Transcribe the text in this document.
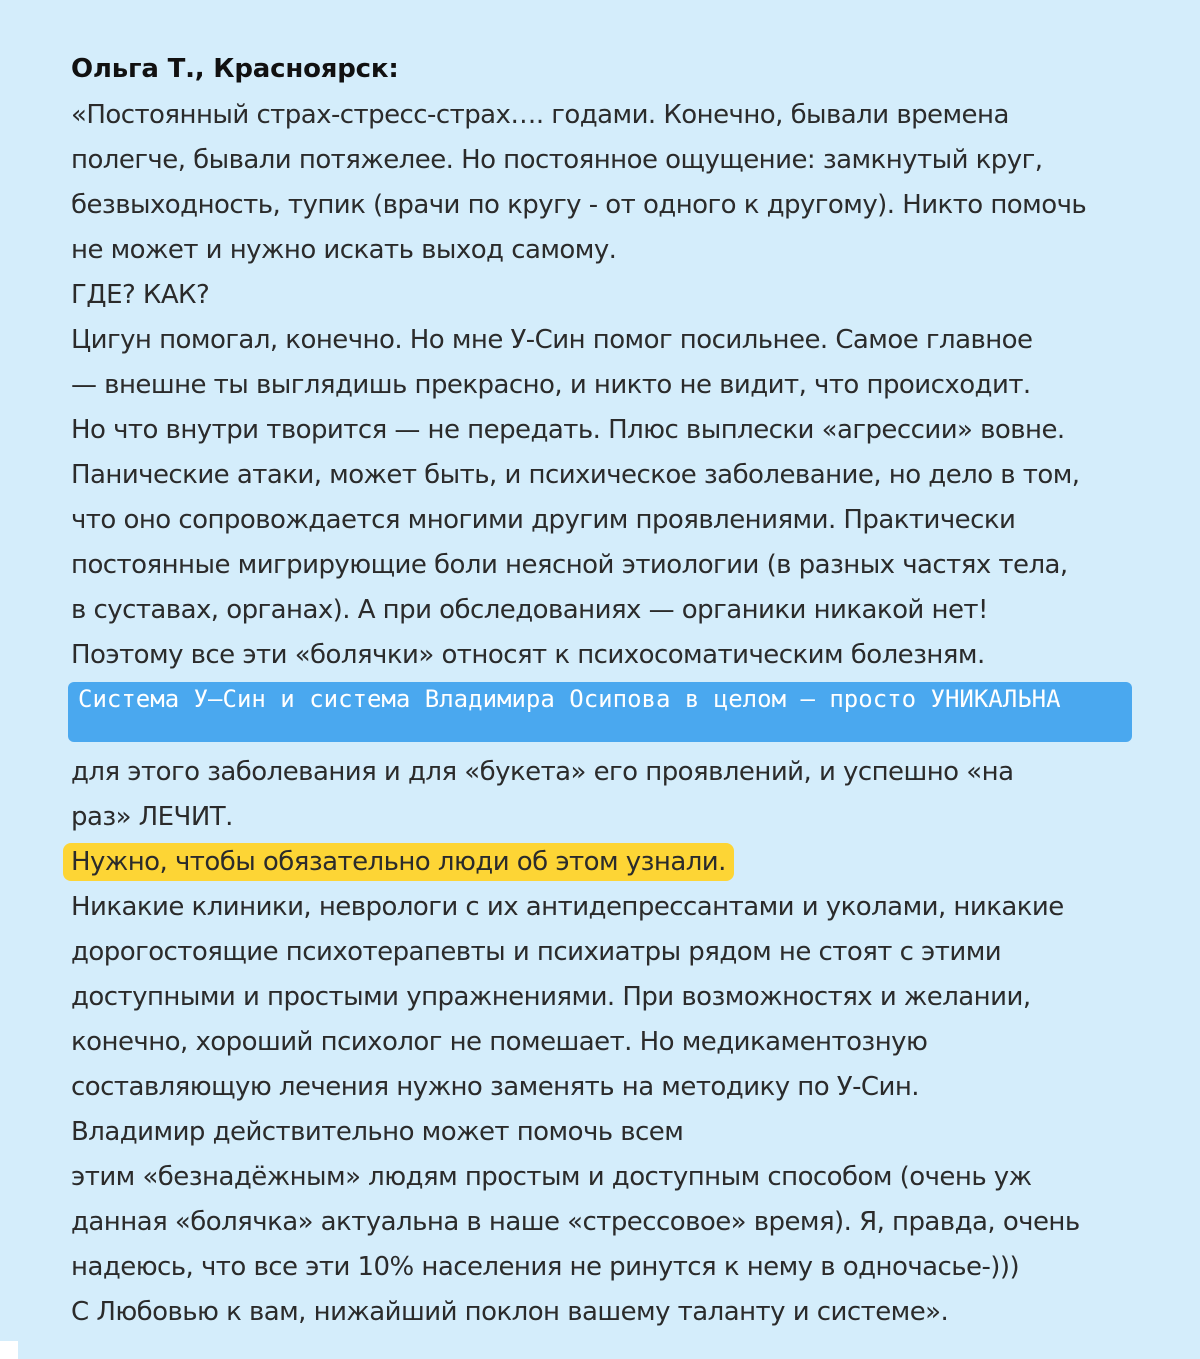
Ольга Т., Красноярск:
«Постоянный страх-стресс-страх…. годами. Конечно, бывали времена
полегче, бывали потяжелее. Но постоянное ощущение: замкнутый круг,
безвыходность, тупик (врачи по кругу - от одного к другому). Никто помочь
не может и нужно искать выход самому.
ГДЕ? КАК?
Цигун помогал, конечно. Но мне У-Син помог посильнее. Самое главное
— внешне ты выглядишь прекрасно, и никто не видит, что происходит.
Но что внутри творится — не передать. Плюс выплески «агрессии» вовне.
Панические атаки, может быть, и психическое заболевание, но дело в том,
что оно сопровождается многими другим проявлениями. Практически
постоянные мигрирующие боли неясной этиологии (в разных частях тела,
в суставах, органах). А при обследованиях — органики никакой нет!
Поэтому все эти «болячки» относят к психосоматическим болезням.
Система У—Син и система Владимира Осипова в целом — просто УНИКАЛЬНА
для этого заболевания и для «букета» его проявлений, и успешно «на
раз» ЛЕЧИТ.
Нужно, чтобы обязательно люди об этом узнали.
Никакие клиники, неврологи с их антидепрессантами и уколами, никакие
дорогостоящие психотерапевты и психиатры рядом не стоят с этими
доступными и простыми упражнениями. При возможностях и желании,
конечно, хороший психолог не помешает. Но медикаментозную
составляющую лечения нужно заменять на методику по У-Син.
Владимир действительно может помочь всем
этим «безнадёжным» людям простым и доступным способом (очень уж
данная «болячка» актуальна в наше «стрессовое» время). Я, правда, очень
надеюсь, что все эти 10% населения не ринутся к нему в одночасье-)))
С Любовью к вам, нижайший поклон вашему таланту и системе».
